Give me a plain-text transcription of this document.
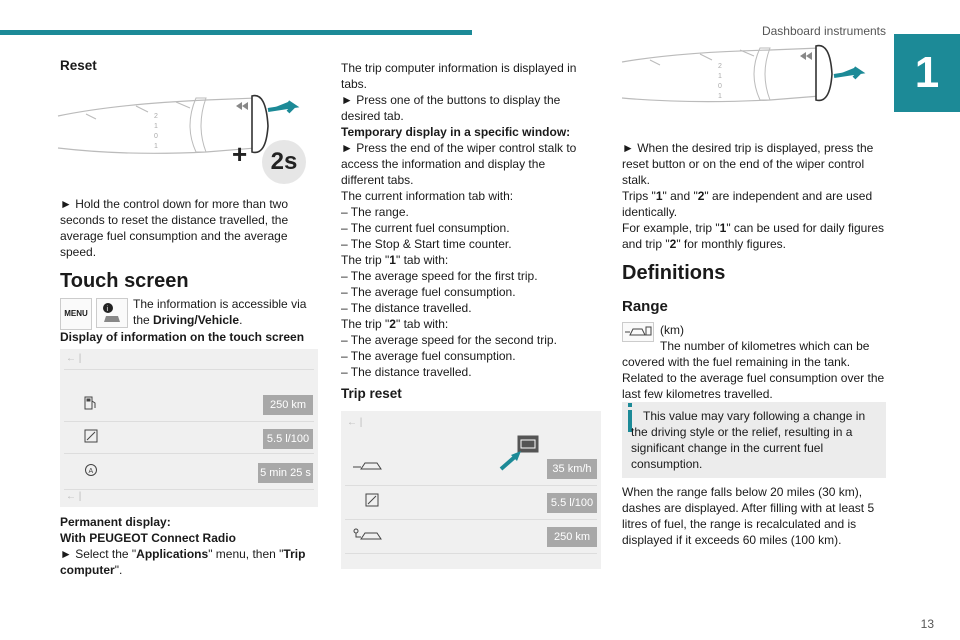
Dashboard instruments
1
Reset
2
1
0
1	+ 2s
► Hold the control down for more than two seconds to reset the distance travelled, the average fuel consumption and the average speed.
Touch screen
MENU	i The information is accessible via the Driving/Vehicle.
Display of information on the touch screen
← |
250 km
5.5 l/100
A	5 min 25 s
← |
Permanent display:
With PEUGEOT Connect Radio
► Select the "Applications" menu, then "Trip computer".

The trip computer information is displayed in tabs.

► Press one of the buttons to display the desired tab.

Temporary display in a specific window:

► Press the end of the wiper control stalk to access the information and display the different tabs.

The current information tab with:

– The range.

– The current fuel consumption.

– The Stop & Start time counter.

The trip "1" tab with:

– The average speed for the first trip.

– The average fuel consumption.

– The distance travelled.

The trip "2" tab with:

– The average speed for the second trip.

– The average fuel consumption.

– The distance travelled.

Trip reset
← |
35 km/h
5.5 l/100
250 km
2
1
0
1

► When the desired trip is displayed, press the reset button or on the end of the wiper control stalk.

Trips "1" and "2" are independent and are used identically.

For example, trip "1" can be used for daily figures and trip "2" for monthly figures.

Definitions
Range
(km)
The number of kilometres which can be covered with the fuel remaining in the tank. Related to the average fuel consumption over the last few kilometres travelled.
This value may vary following a change in the driving style or the relief, resulting in a significant change in the current fuel consumption.
When the range falls below 20 miles (30 km), dashes are displayed. After filling with at least 5 litres of fuel, the range is recalculated and is displayed if it exceeds 60 miles (100 km).
13
